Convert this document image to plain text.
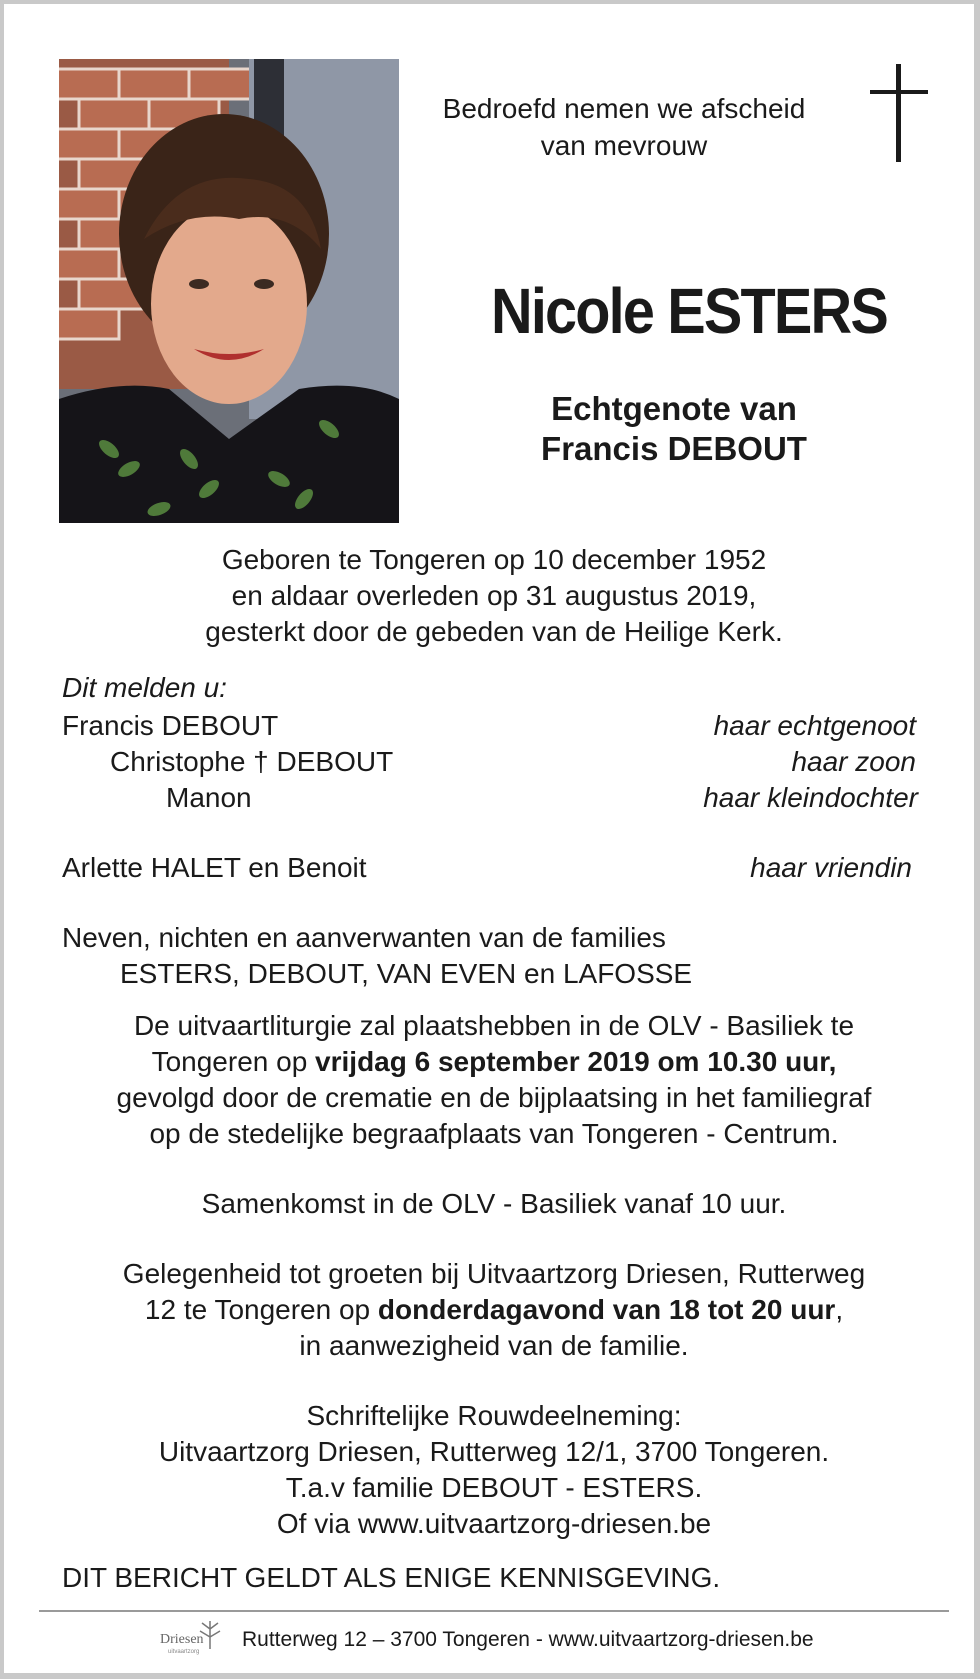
Bedroefd nemen we afscheid
van mevrouw
Nicole ESTERS
Echtgenote van
Francis DEBOUT
Geboren te Tongeren op 10 december 1952
en aldaar overleden op 31 augustus 2019,
gesterkt door de gebeden van de Heilige Kerk.
Dit melden u:
Francis DEBOUT	haar echtgenoot
Christophe † DEBOUT	haar zoon
Manon	haar kleindochter
Arlette HALET en Benoit	haar vriendin
Neven, nichten en aanverwanten van de families
ESTERS, DEBOUT, VAN EVEN en LAFOSSE
De uitvaartliturgie zal plaatshebben in de OLV - Basiliek te
Tongeren op vrijdag 6 september 2019 om 10.30 uur,
gevolgd door de crematie en de bijplaatsing in het familiegraf
op de stedelijke begraafplaats van Tongeren - Centrum.
Samenkomst in de OLV - Basiliek vanaf 10 uur.
Gelegenheid tot groeten bij Uitvaartzorg Driesen, Rutterweg
12 te Tongeren op donderdagavond van 18 tot 20 uur,
in aanwezigheid van de familie.
Schriftelijke Rouwdeelneming:
Uitvaartzorg Driesen, Rutterweg 12/1, 3700 Tongeren.
T.a.v familie DEBOUT - ESTERS.
Of via www.uitvaartzorg-driesen.be
DIT BERICHT GELDT ALS ENIGE KENNISGEVING.
Driesen
uitvaartzorg
Rutterweg 12 – 3700 Tongeren - www.uitvaartzorg-driesen.be
